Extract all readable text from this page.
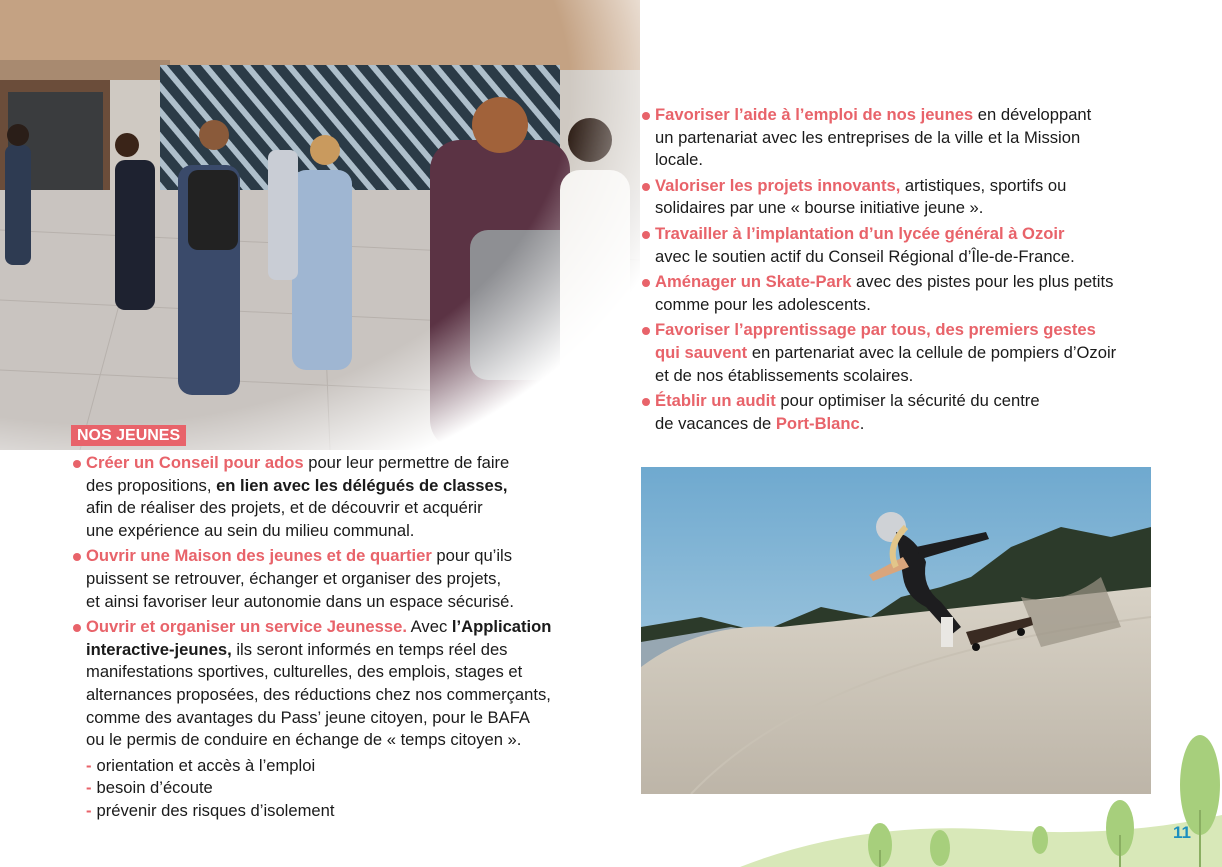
NOS JEUNES
Créer un Conseil pour ados pour leur permettre de faire
des propositions, en lien avec les délégués de classes,
afin de réaliser des projets, et de découvrir et acquérir
une expérience au sein du milieu communal.
Ouvrir une Maison des jeunes et de quartier pour qu’ils
puissent se retrouver, échanger et organiser des projets,
et ainsi favoriser leur autonomie dans un espace sécurisé.
Ouvrir et organiser un service Jeunesse. Avec l’Application
interactive-jeunes, ils seront informés en temps réel des
manifestations sportives, culturelles, des emplois, stages et
alternances proposées, des réductions chez nos commerçants,
comme des avantages du Pass’ jeune citoyen, pour le BAFA
ou le permis de conduire en échange de « temps citoyen ».
- orientation et accès à l’emploi
- besoin d’écoute
- prévenir des risques d’isolement
Favoriser l’aide à l’emploi de nos jeunes en développant
un partenariat avec les entreprises de la ville et la Mission
locale.
Valoriser les projets innovants, artistiques, sportifs ou
solidaires par une « bourse initiative jeune ».
Travailler à l’implantation d’un lycée général à Ozoir
avec le soutien actif du Conseil Régional d’Île-de-France.
Aménager un Skate-Park avec des pistes pour les plus petits
comme pour les adolescents.
Favoriser l’apprentissage par tous, des premiers gestes
qui sauvent en partenariat avec la cellule de pompiers d’Ozoir
et de nos établissements scolaires.
Établir un audit pour optimiser la sécurité du centre
de vacances de Port-Blanc.
11
